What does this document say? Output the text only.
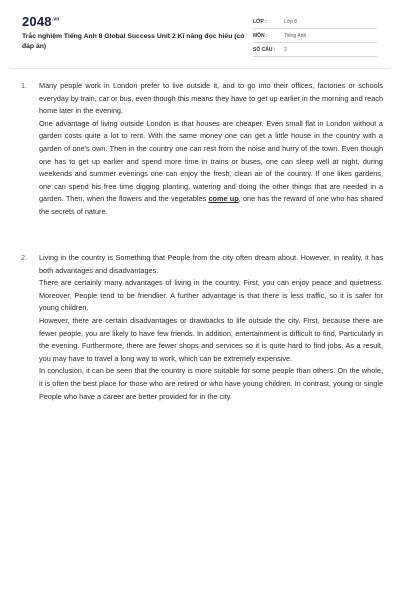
$2048^{.vn}$
Trắc nghiệm Tiếng Anh 8 Global Success Unit 2 Kĩ năng đọc hiểu (có đáp án)
LỚP :	Lớp 8
MÔN :	Tiếng Anh
SỐ CÂU : 2
1.	Many people work in London prefer to live outside it, and to go into their offices, factories or schools everyday by train, car or bus, even though this means they have to get up earlier in the morning and reach home later in the evening.

One advantage of living outside London is that houses are cheaper. Even small flat in London without a garden costs quite a lot to rent. With the same money one can get a little house in the country with a garden of one's own. Then in the country one can rest from the noise and hurry of the town. Even though one has to get up earlier and spend more time in trains or buses, one can sleep well at night, during weekends and summer evenings one can enjoy the fresh, clean air of the country. If one likes gardens, one can spend his free time digging planting, watering and doing the other things that are needed in a garden. Then, when the flowers and the vegetables come up, one has the reward of one who has shared the secrets of nature.

2.	Living in the country is Something that People from the city often dream about. However, in reality, it has both advantages and disadvantages.

There are certainly many advantages of living in the country. First, you can enjoy peace and quietness. Moreover, People tend to be friendlier. A further advantage is that there is less traffic, so it is safer for young children.

However, there are certain disadvantages or drawbacks to life outside the city. First, because there are fewer people, you are likely to have few friends. In addition, entertainment is difficult to find, Particularly in the evening. Furthermore, there are fewer shops and services so it is quite hard to find jobs. As a result, you may have to travel a long way to work, which can be extremely expensive.

In conclusion, it can be seen that the country is more suitable for some people than others. On the whole, it is often the best place for those who are retired or who have young children. In contrast, young or single People who have a career are better provided for in the city.
